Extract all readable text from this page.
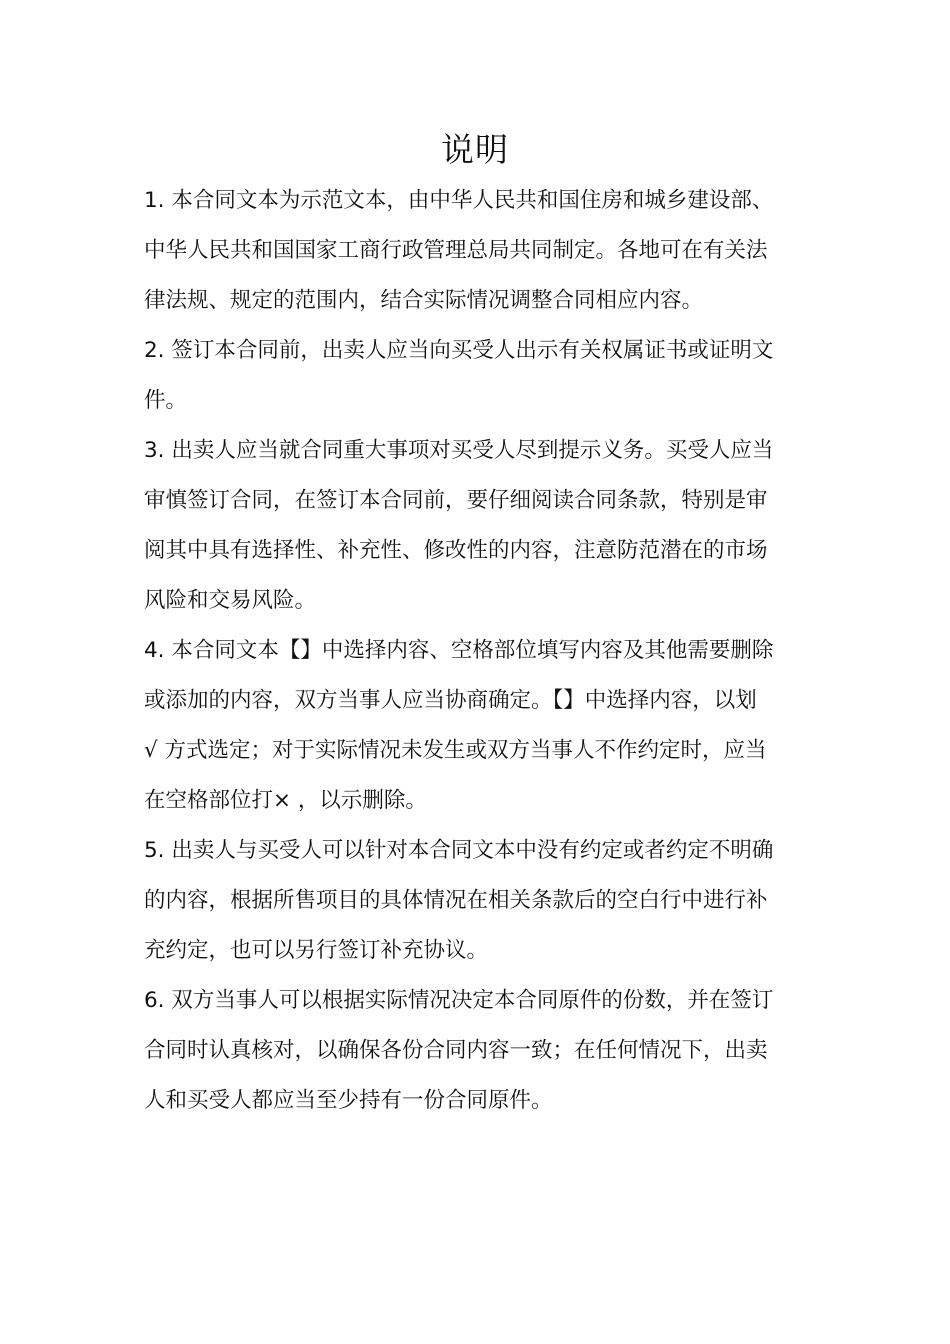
说明
1. 本合同文本为示范文本，由中华人民共和国住房和城乡建设部、
中华人民共和国国家工商行政管理总局共同制定。各地可在有关法
律法规、规定的范围内，结合实际情况调整合同相应内容。
2. 签订本合同前，出卖人应当向买受人出示有关权属证书或证明文
件。
3. 出卖人应当就合同重大事项对买受人尽到提示义务。买受人应当
审慎签订合同，在签订本合同前，要仔细阅读合同条款，特别是审
阅其中具有选择性、补充性、修改性的内容，注意防范潜在的市场
风险和交易风险。
4. 本合同文本【】中选择内容、空格部位填写内容及其他需要删除
或添加的内容，双方当事人应当协商确定。【】中选择内容，以划
√ 方式选定；对于实际情况未发生或双方当事人不作约定时，应当
在空格部位打× ，以示删除。
5. 出卖人与买受人可以针对本合同文本中没有约定或者约定不明确
的内容，根据所售项目的具体情况在相关条款后的空白行中进行补
充约定，也可以另行签订补充协议。
6. 双方当事人可以根据实际情况决定本合同原件的份数，并在签订
合同时认真核对，以确保各份合同内容一致；在任何情况下，出卖
人和买受人都应当至少持有一份合同原件。
